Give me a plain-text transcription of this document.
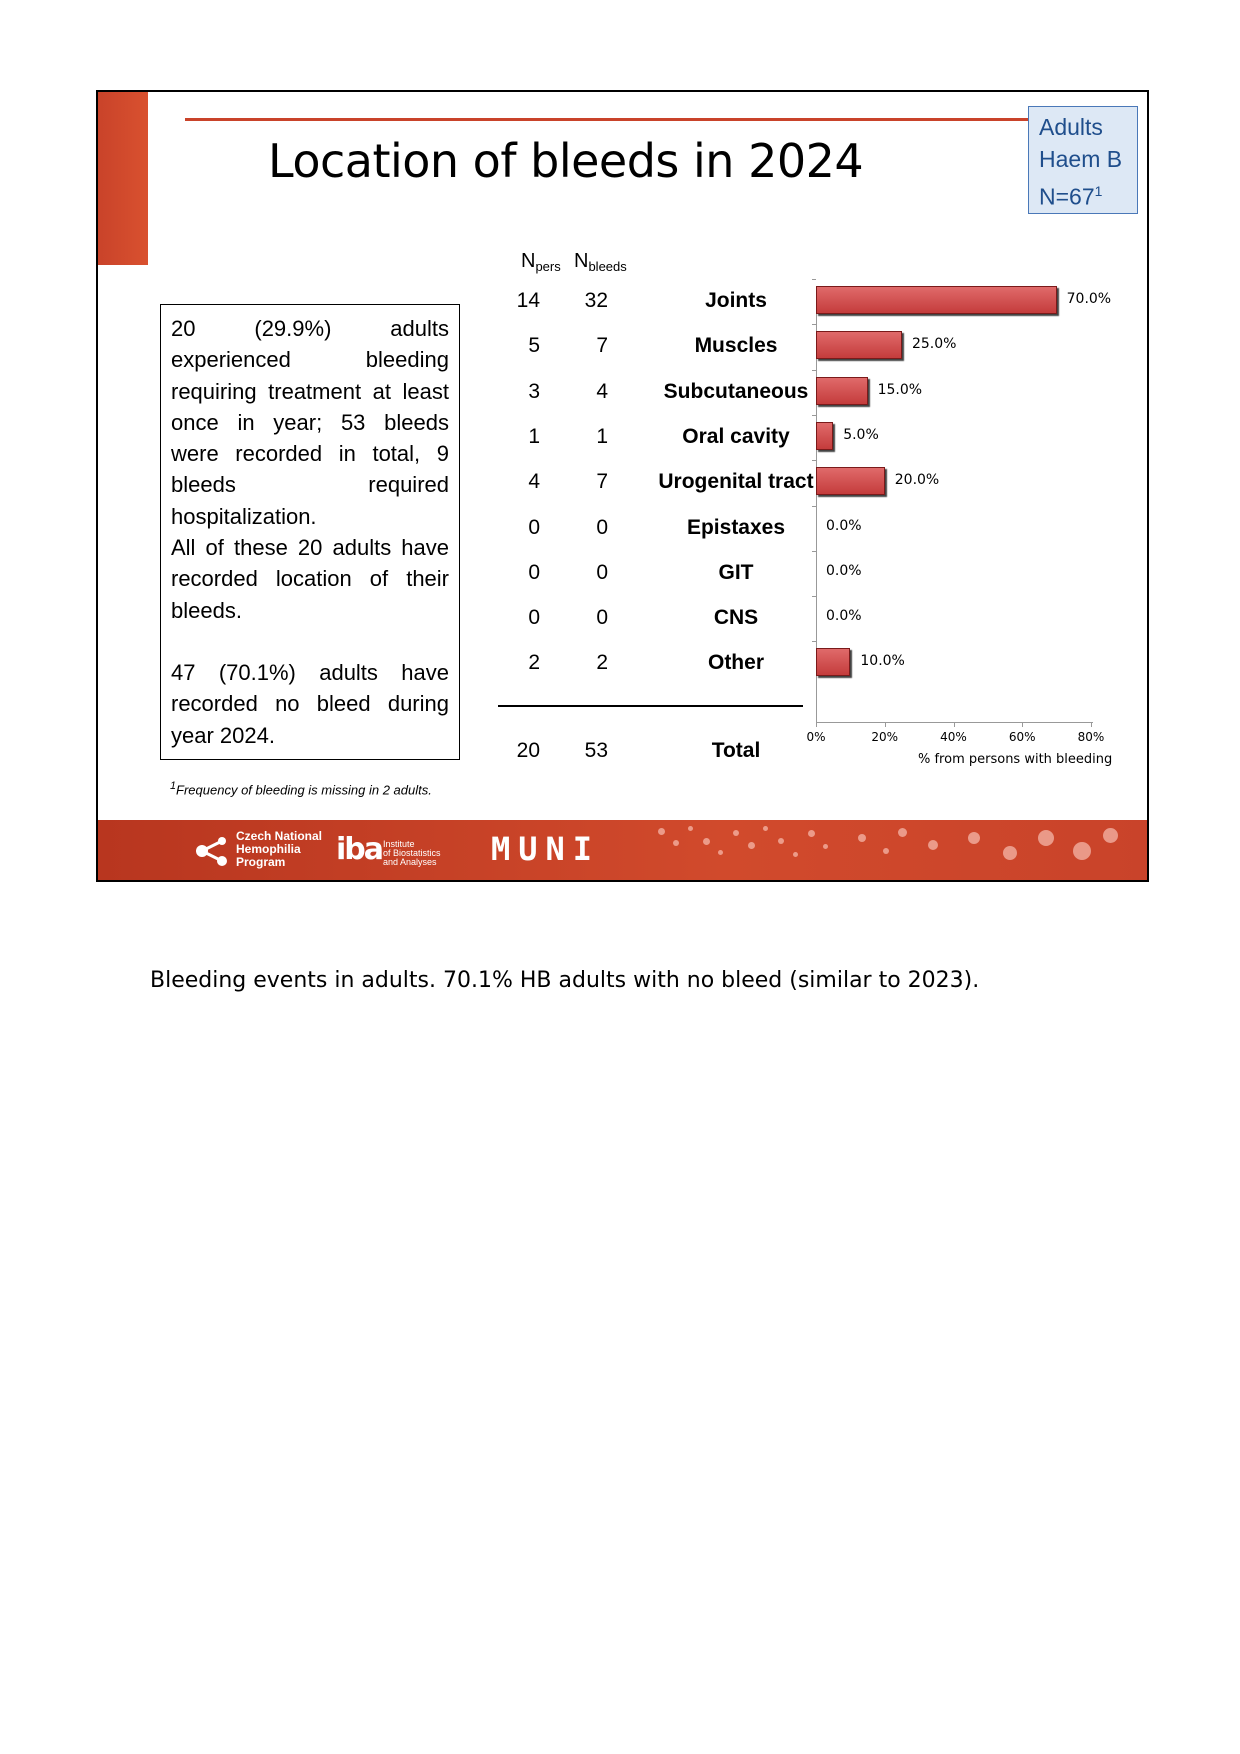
Location of bleeds in 2024
Adults
Haem B
$N=67^1$

20 (29.9%) adults experienced bleeding requiring treatment at least once in year; 53 bleeds were recorded in total, 9 bleeds required hospitalization.

All of these 20 adults have recorded location of their bleeds.

47 (70.1%) adults have recorded no bleed during year 2024.

$^1$Frequency of bleeding is missing in 2 adults.
$N_{pers}$ $N_{bleeds}$
14	32	Joints
5	7	Muscles
3	4	Subcutaneous
1	1	Oral cavity
4	7	Urogenital tract
0	0	Epistaxes
0	0	GIT
0	0	CNS
2	2	Other
20	53	Total
70.0%
25.0%
15.0%
5.0%
20.0%
0.0%
0.0%
0.0%
10.0%
0%	20%	40%	60%	80%
% from persons with bleeding
Czech National
Hemophilia
Program	iba Institute
of Biostatistics
and Analyses MUNI
Bleeding events in adults. 70.1% HB adults with no bleed (similar to 2023).
